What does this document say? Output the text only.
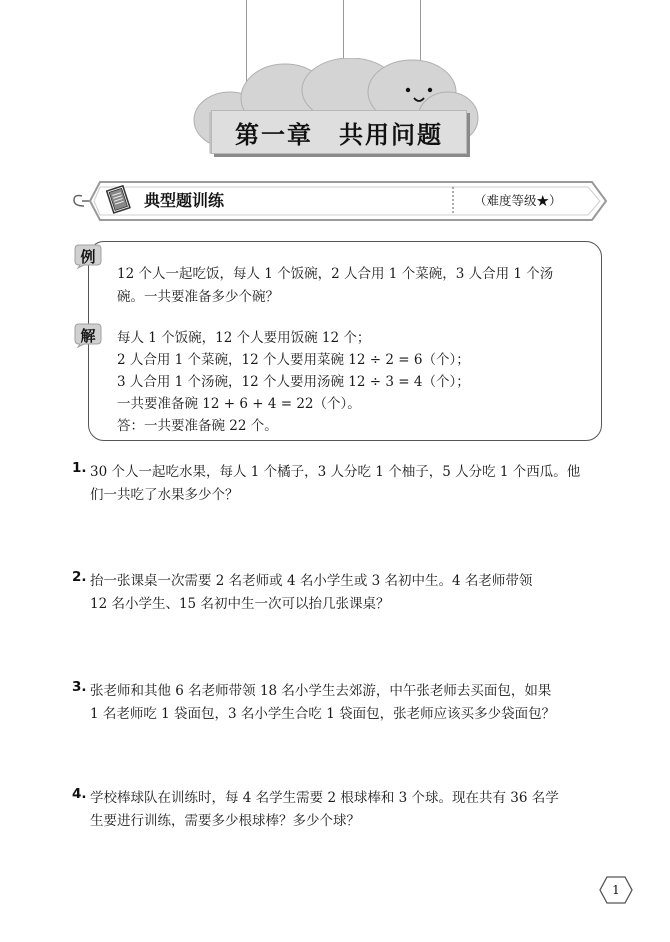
第一章　共用问题
典型题训练	（难度等级★）
例
12 个人一起吃饭，每人 1 个饭碗，2 人合用 1 个菜碗，3 人合用 1 个汤
碗。一共要准备多少个碗？
解 每人 1 个饭碗，12 个人要用饭碗 12 个；
2 人合用 1 个菜碗，12 个人要用菜碗 12 ÷ 2 = 6（个）；
3 人合用 1 个汤碗，12 个人要用汤碗 12 ÷ 3 = 4（个）；
一共要准备碗 12 + 6 + 4 = 22（个）。
答：一共要准备碗 22 个。
1. 30 个人一起吃水果，每人 1 个橘子，3 人分吃 1 个柚子，5 人分吃 1 个西瓜。他
们一共吃了水果多少个？
2. 抬一张课桌一次需要 2 名老师或 4 名小学生或 3 名初中生。4 名老师带领
12 名小学生、15 名初中生一次可以抬几张课桌？
3. 张老师和其他 6 名老师带领 18 名小学生去郊游，中午张老师去买面包，如果
1 名老师吃 1 袋面包，3 名小学生合吃 1 袋面包，张老师应该买多少袋面包？
4. 学校棒球队在训练时，每 4 名学生需要 2 根球棒和 3 个球。现在共有 36 名学
生要进行训练，需要多少根球棒？多少个球？
1
